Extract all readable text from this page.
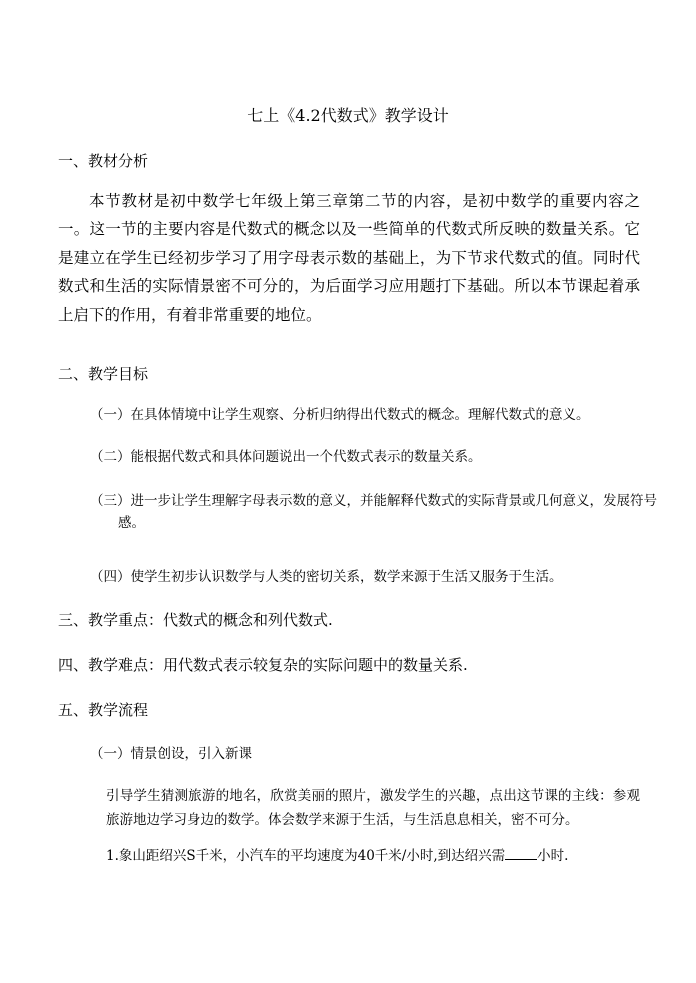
七上《4.2代数式》教学设计
一、教材分析
本节教材是初中数学七年级上第三章第二节的内容，是初中数学的重要内容之一。这一节的主要内容是代数式的概念以及一些简单的代数式所反映的数量关系。它是建立在学生已经初步学习了用字母表示数的基础上，为下节求代数式的值。同时代数式和生活的实际情景密不可分的，为后面学习应用题打下基础。所以本节课起着承上启下的作用，有着非常重要的地位。
二、教学目标
（一）在具体情境中让学生观察、分析归纳得出代数式的概念。理解代数式的意义。
（二）能根据代数式和具体问题说出一个代数式表示的数量关系。
（三）进一步让学生理解字母表示数的意义，并能解释代数式的实际背景或几何意义，发展符号感。
（四）使学生初步认识数学与人类的密切关系，数学来源于生活又服务于生活。
三、教学重点：代数式的概念和列代数式.
四、教学难点：用代数式表示较复杂的实际问题中的数量关系.
五、教学流程
（一）情景创设，引入新课
引导学生猜测旅游的地名，欣赏美丽的照片，激发学生的兴趣，点出这节课的主线：参观旅游地边学习身边的数学。体会数学来源于生活，与生活息息相关，密不可分。
1.象山距绍兴S千米，小汽车的平均速度为40千米/小时,到达绍兴需 小时.
